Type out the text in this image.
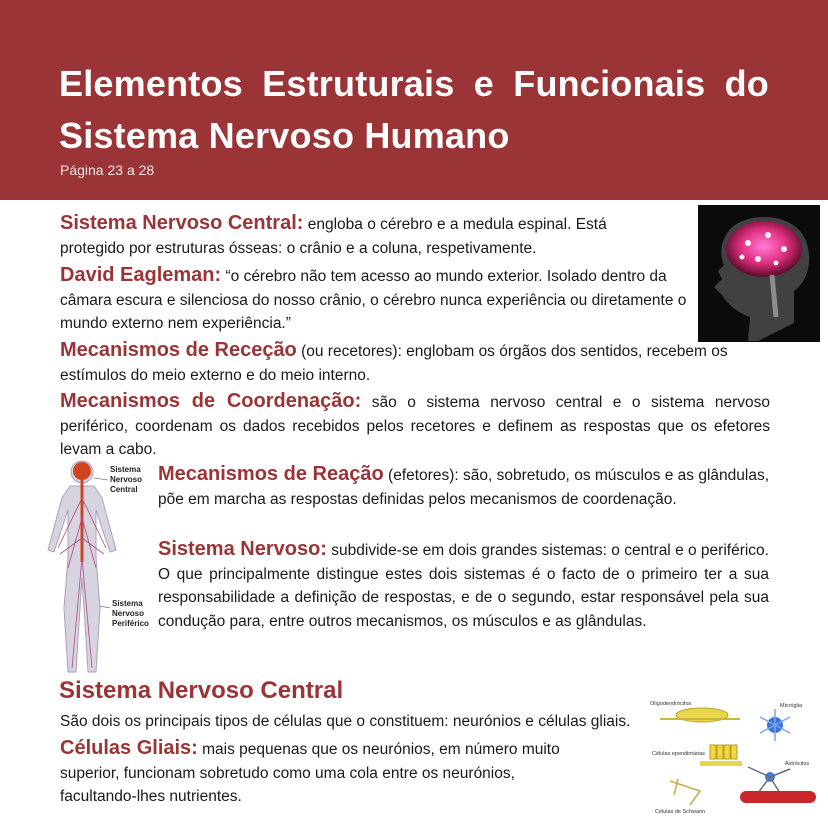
Elementos Estruturais e Funcionais do Sistema Nervoso Humano
Página 23 a 28

Sistema Nervoso Central: engloba o cérebro e a medula espinal. Está protegido por estruturas ósseas: o crânio e a coluna, respetivamente.

David Eagleman: “o cérebro não tem acesso ao mundo exterior. Isolado dentro da câmara escura e silenciosa do nosso crânio, o cérebro nunca experiência ou diretamente o mundo externo nem experiência.”

Mecanismos de Receção (ou recetores): englobam os órgãos dos sentidos, recebem os estímulos do meio externo e do meio interno.

Mecanismos de Coordenação: são o sistema nervoso central e o sistema nervoso periférico, coordenam os dados recebidos pelos recetores e definem as respostas que os efetores levam a cabo.

Mecanismos de Reação (efetores): são, sobretudo, os músculos e as glândulas, põe em marcha as respostas definidas pelos mecanismos de coordenação.

Sistema Nervoso: subdivide-se em dois grandes sistemas: o central e o periférico. O que principalmente distingue estes dois sistemas é o facto de o primeiro ter a sua responsabilidade a definição de respostas, e de o segundo, estar responsável pela sua condução para, entre outros mecanismos, os músculos e as glândulas.

Sistema Nervoso Central

São dois os principais tipos de células que o constituem: neurónios e células gliais.

Células Gliais: mais pequenas que os neurónios, em número muito superior, funcionam sobretudo como uma cola entre os neurónios, facultando-lhes nutrientes.

Sistema
Nervoso
Central
Sistema
Nervoso
Periférico
Oligodendrócitos	Micróglia
Células ependimárias
Astrócitos
Células de Schwann
